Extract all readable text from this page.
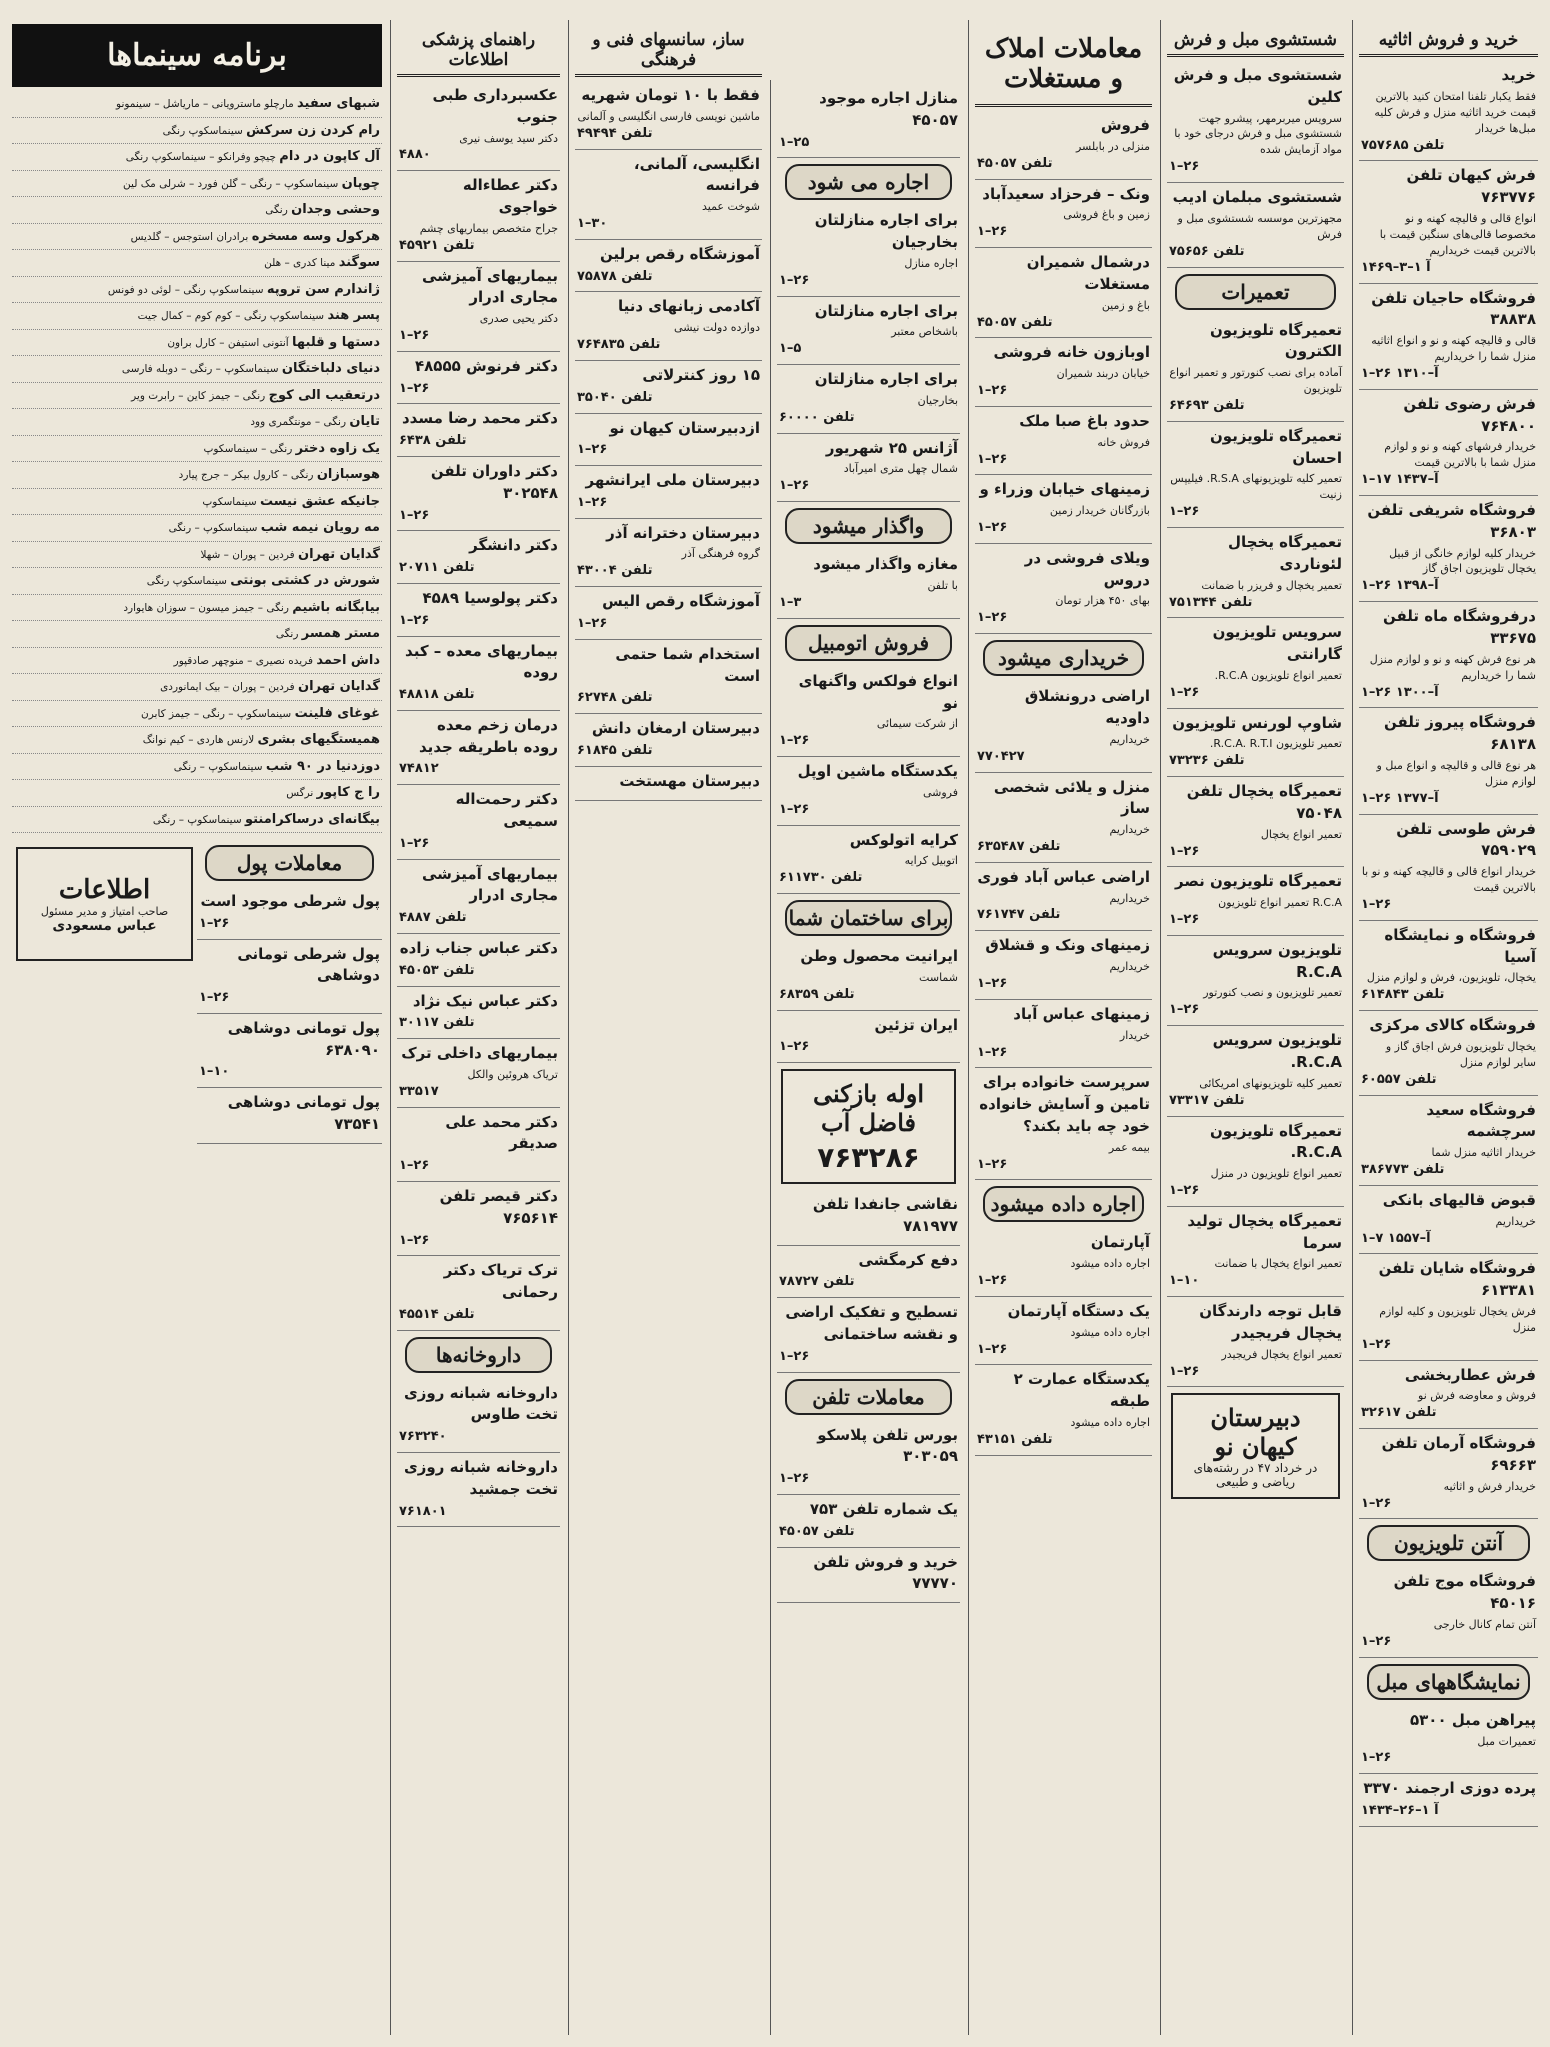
خرید و فروش اثاثیه
خرید
فقط یکبار تلفنا امتحان کنید بالاترین قیمت خرید اثاثیه منزل و فرش کلیه مبل‌ها خریدار
تلفن ۷۵۷۶۸۵
فرش کیهان تلفن ۷۶۳۷۷۶
انواع قالی و قالیچه کهنه و نو مخصوصا قالی‌های سنگین قیمت با بالاترین قیمت خریداریم
۱۴۶۹–آ ۱–۳
فروشگاه حاجیان تلفن ۳۸۸۳۸
قالی و قالیچه کهنه و نو و انواع اثاثیه منزل شما را خریداریم
۱–۲۶ ۱۳۱۰–آ
فرش رضوی تلفن ۷۶۴۸۰۰
خریدار فرشهای کهنه و نو و لوازم منزل شما با بالاترین قیمت
۱–۱۷ ۱۴۳۷–آ
فروشگاه شریفی تلفن ۳۶۸۰۳
خریدار کلیه لوازم خانگی از قبیل یخچال تلویزیون اجاق گاز
۱–۲۶ ۱۳۹۸–آ
درفروشگاه ماه تلفن ۳۳۶۷۵
هر نوع فرش کهنه و نو و لوازم منزل شما را خریداریم
۱–۲۶ ۱۳۰۰–آ
فروشگاه پیروز تلفن ۶۸۱۳۸
هر نوع قالی و قالیچه و انواع مبل و لوازم منزل
۱–۲۶ ۱۳۷۷–آ
فرش طوسی تلفن ۷۵۹۰۲۹
خریدار انواع قالی و قالیچه کهنه و نو با بالاترین قیمت
۱–۲۶
فروشگاه و نمایشگاه آسیا
یخچال، تلویزیون، فرش و لوازم منزل
تلفن ۶۱۴۸۴۳
فروشگاه کالای مرکزی
یخچال تلویزیون فرش اجاق گاز و سایر لوازم منزل
تلفن ۶۰۵۵۷
فروشگاه سعید سرچشمه
خریدار اثاثیه منزل شما
تلفن ۳۸۶۷۷۳
قبوض قالیهای بانکی
خریداریم
۱–۷ ۱۵۵۷–آ
فروشگاه شایان تلفن ۶۱۳۳۸۱
فرش یخچال تلویزیون و کلیه لوازم منزل
۱–۲۶
فرش عطاربخشی
فروش و معاوضه فرش نو
تلفن ۳۲۶۱۷
فروشگاه آرمان تلفن ۶۹۶۶۳
خریدار فرش و اثاثیه
۱–۲۶
آنتن تلویزیون
فروشگاه موج تلفن ۴۵۰۱۶
آنتن تمام کانال خارجی
۱–۲۶
نمایشگاههای مبل
پیراهن مبل ۵۳۰۰
تعمیرات مبل
۱–۲۶
پرده دوزی ارجمند ۳۳۷۰
۱۴۳۴–آ ۱–۲۶
شستشوی مبل و فرش
شستشوی مبل و فرش کلین
سرویس میربرمهر، پیشرو جهت شستشوی مبل و فرش درجای خود با مواد آزمایش شده
۱–۲۶
شستشوی مبلمان ادیب
مجهزترین موسسه شستشوی مبل و فرش
تلفن ۷۵۶۵۶
تعمیرات
تعمیرگاه تلویزیون الکترون
آماده برای نصب کنورتور و تعمیر انواع تلویزیون
تلفن ۶۴۶۹۳
تعمیرگاه تلویزیون احسان
تعمیر کلیه تلویزیونهای R.S.A. فیلیپس زنیت
۱–۲۶
تعمیرگاه یخچال لئوناردی
تعمیر یخچال و فریزر با ضمانت
تلفن ۷۵۱۳۴۴
سرویس تلویزیون گارانتی
تعمیر انواع تلویزیون R.C.A.
۱–۲۶
شاوپ لورنس تلویزیون
تعمیر تلویزیون R.C.A. R.T.I.
تلفن ۷۳۲۳۶
تعمیرگاه یخچال تلفن ۷۵۰۴۸
تعمیر انواع یخچال
۱–۲۶
تعمیرگاه تلویزیون نصر
R.C.A تعمیر انواع تلویزیون
۱–۲۶
تلویزیون سرویس R.C.A
تعمیر تلویزیون و نصب کنورتور
۱–۲۶
تلویزیون سرویس R.C.A.
تعمیر کلیه تلویزیونهای امریکائی
تلفن ۷۳۳۱۷
تعمیرگاه تلویزیون R.C.A.
تعمیر انواع تلویزیون در منزل
۱–۲۶
تعمیرگاه یخچال تولید سرما
تعمیر انواع یخچال با ضمانت
۱–۱۰
قابل توجه دارندگان یخچال فریجیدر
تعمیر انواع یخچال فریجیدر
۱–۲۶
دبیرستان کیهان نو
در خرداد ۴۷ در رشته‌های ریاضی و طبیعی
معاملات املاک و مستغلات
فروش
منزلی در بابلسر
تلفن ۴۵۰۵۷
ونک – فرحزاد سعیدآباد
زمین و باغ فروشی
۱–۲۶
درشمال شمیران مستغلات
باغ و زمین
تلفن ۴۵۰۵۷
اوبازون خانه فروشی
خیابان دربند شمیران
۱–۲۶
حدود باغ صبا ملک
فروش خانه
۱–۲۶
زمینهای خیابان وزراء و
بازرگانان خریدار زمین
۱–۲۶
ویلای فروشی در دروس
بهای ۴۵۰ هزار تومان
۱–۲۶
خریداری میشود
اراضی درونشلاق داودیه
خریداریم
۷۷۰۴۲۷
منزل و یلائی شخصی ساز
خریداریم
تلفن ۶۳۵۴۸۷
اراضی عباس آباد فوری
خریداریم
تلفن ۷۶۱۷۴۷
زمینهای ونک و قشلاق
خریداریم
۱–۲۶
زمینهای عباس آباد
خریدار
۱–۲۶
سرپرست خانواده برای تامین و آسایش خانواده خود چه باید بکند؟
بیمه عمر
۱–۲۶
اجاره داده میشود
آپارتمان
اجاره داده میشود
۱–۲۶
یک دستگاه آپارتمان
اجاره داده میشود
۱–۲۶
یکدستگاه عمارت ۲ طبقه
اجاره داده میشود
تلفن ۴۳۱۵۱
منازل اجاره موجود ۴۵۰۵۷
۱–۲۵
اجاره می شود
برای اجاره منازلتان بخارجیان
اجاره منازل
۱–۲۶
برای اجاره منازلتان
باشخاص معتبر
۱–۵
برای اجاره منازلتان
بخارجیان
تلفن ۶۰۰۰۰
آژانس ۲۵ شهریور
شمال چهل متری امیرآباد
۱–۲۶
واگذار میشود
مغازه واگذار میشود
با تلفن
۱–۳
فروش اتومبیل
انواع فولکس واگنهای نو
از شرکت سیمائی
۱–۲۶
یکدستگاه ماشین اوپل
فروشی
۱–۲۶
کرایه اتولوکس
اتوبیل کرایه
تلفن ۶۱۱۷۳۰
برای ساختمان شما
ایرانیت محصول وطن
شماست
تلفن ۶۸۳۵۹
ایران تزئین
۱–۲۶
اوله بازکنی فاضل آب
۷۶۳۲۸۶
نقاشی جانفدا تلفن ۷۸۱۹۷۷
دفع کرمگشی
تلفن ۷۸۷۲۷
تسطیح و تفکیک اراضی و نقشه ساختمانی
۱–۲۶
معاملات تلفن
بورس تلفن پلاسکو ۳۰۳۰۵۹
۱–۲۶
یک شماره تلفن ۷۵۳
تلفن ۴۵۰۵۷
خرید و فروش تلفن ۷۷۷۷۰
ساز، سانسهای فنی و فرهنگی
فقط با ۱۰ تومان شهریه
ماشین نویسی فارسی انگلیسی و آلمانی
تلفن ۴۹۴۹۴
انگلیسی، آلمانی، فرانسه
شوخت عمید
۱–۳۰
آموزشگاه رقص برلین
تلفن ۷۵۸۷۸
آکادمی زبانهای دنیا
دوازده دولت نیشی
تلفن ۷۶۴۸۳۵
۱۵ روز کنترلاتی
تلفن ۳۵۰۴۰
ازدبیرستان کیهان نو
۱–۲۶
دبیرستان ملی ایرانشهر
۱–۲۶
دبیرستان دخترانه آذر
گروه فرهنگی آذر
تلفن ۴۳۰۰۴
آموزشگاه رقص الیس
۱–۲۶
استخدام شما حتمی است
تلفن ۶۲۷۴۸
دبیرستان ارمغان دانش
تلفن ۶۱۸۴۵
دبیرستان مهستخت
راهنمای پزشکی اطلاعات
عکسبرداری طبی جنوب
دکتر سید یوسف نیری
۴۸۸۰
دکتر عطاءاله خواجوی
جراح متخصص بیماریهای چشم
تلفن ۴۵۹۲۱
بیماریهای آمیزشی مجاری ادرار
دکتر یحیی صدری
۱–۲۶
دکتر فرنوش ۴۸۵۵۵
۱–۲۶
دکتر محمد رضا مسدد
تلفن ۶۴۳۸
دکتر داوران تلفن ۳۰۲۵۴۸
۱–۲۶
دکتر دانشگر
تلفن ۲۰۷۱۱
دکتر پولوسیا ۴۵۸۹
۱–۲۶
بیماریهای معده – کبد روده
تلفن ۴۸۸۱۸
درمان زخم معده روده باطریقه جدید
۷۴۸۱۲
دکتر رحمت‌اله سمیعی
۱–۲۶
بیماریهای آمیزشی مجاری ادرار
تلفن ۴۸۸۷
دکتر عباس جناب زاده
تلفن ۴۵۰۵۳
دکتر عباس نیک نژاد
تلفن ۳۰۱۱۷
بیماریهای داخلی ترک
تریاک هروئین والکل
۳۳۵۱۷
دکتر محمد علی صدیقر
۱–۲۶
دکتر قیصر تلفن ۷۶۵۶۱۴
۱–۲۶
ترک تریاک دکتر رحمانی
تلفن ۴۵۵۱۴
داروخانه‌ها
داروخانه شبانه روزی تخت طاوس
۷۶۳۲۴۰
داروخانه شبانه روزی تخت جمشید
۷۶۱۸۰۱
برنامه سینماها
شبهای سفید مارچلو ماسترویانی – ماریاشل – سینمونو
رام کردن زن سرکش سینماسکوپ رنگی
آل کاپون در دام چیچو وفرانکو – سینماسکوپ رنگی
چوپان سینماسکوپ – رنگی – گلن فورد – شرلی مک لین
وحشی وجدان رنگی
هرکول وسه مسخره برادران استوجس – گلدیس
سوگند مینا کدری – هلن
ژاندارم سن تروپه سینماسکوپ رنگی – لوئی دو فونس
پسر هند سینماسکوپ رنگی – کوم کوم – کمال جیت
دستها و قلبها آنتونی استیفن – کارل براون
دنیای دلباختگان سینماسکوپ – رنگی – دوبله فارسی
درتعقیب الی کوج رنگی – جیمز کاین – رابرت ویر
تایان رنگی – مونتگمری وود
یک زاوه دختر رنگی – سینماسکوپ
هوسبازان رنگی – کارول بیکر – جرج پیارد
جانیکه عشق نیست سینماسکوپ
مه رویان نیمه شب سینماسکوپ – رنگی
گدایان تهران فردین – پوران – شهلا
شورش در کشتی بونتی سینماسکوپ رنگی
بیابگانه باشیم رنگی – جیمز میسون – سوزان هایوارد
مستر همسر رنگی
داش احمد فریده نصیری – منوچهر صادقپور
گدایان تهران فردین – پوران – بیک ایمانوردی
غوغای فلینت سینماسکوپ – رنگی – جیمز کابرن
همیستگیهای بشری لارنس هاردی – کیم نوانگ
دوزدنیا در ۹۰ شب سینماسکوپ – رنگی
را ج کاپور نرگس
بیگانه‌ای درساکرامنتو سینماسکوپ – رنگی
معاملات پول
پول شرطی موجود است
۱–۲۶
پول شرطی تومانی دوشاهی
۱–۲۶
پول تومانی دوشاهی ۶۳۸۰۹۰
۱–۱۰
پول تومانی دوشاهی ۷۳۵۴۱
اطلاعات
صاحب امتیاز و مدیر مسئول
عباس مسعودی
